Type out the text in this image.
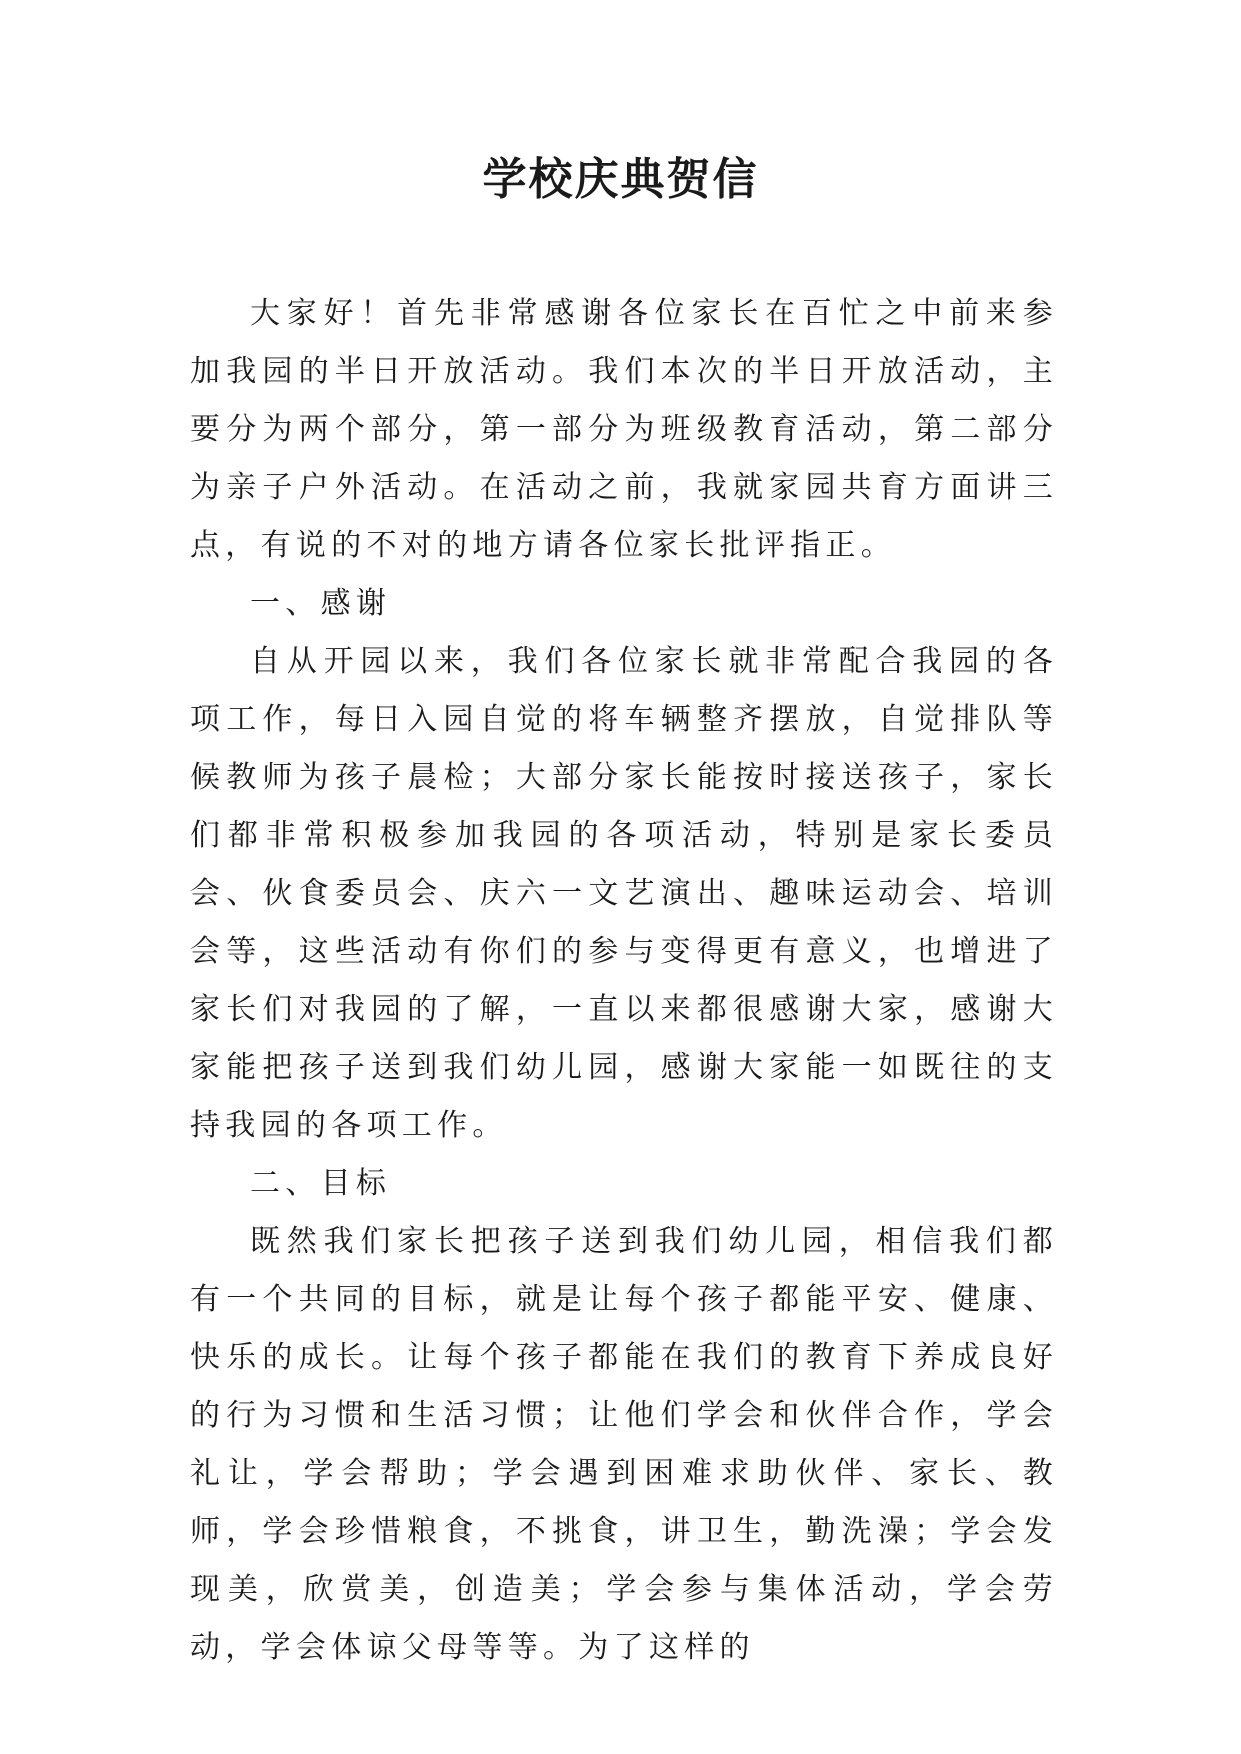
学校庆典贺信

大家好！首先非常感谢各位家长在百忙之中前来参加我园的半日开放活动。我们本次的半日开放活动，主要分为两个部分，第一部分为班级教育活动，第二部分为亲子户外活动。在活动之前，我就家园共育方面讲三点，有说的不对的地方请各位家长批评指正。

一、感谢

自从开园以来，我们各位家长就非常配合我园的各项工作，每日入园自觉的将车辆整齐摆放，自觉排队等候教师为孩子晨检；大部分家长能按时接送孩子，家长们都非常积极参加我园的各项活动，特别是家长委员会、伙食委员会、庆六一文艺演出、趣味运动会、培训会等，这些活动有你们的参与变得更有意义，也增进了家长们对我园的了解，一直以来都很感谢大家，感谢大家能把孩子送到我们幼儿园，感谢大家能一如既往的支持我园的各项工作。

二、目标

既然我们家长把孩子送到我们幼儿园，相信我们都有一个共同的目标，就是让每个孩子都能平安、健康、快乐的成长。让每个孩子都能在我们的教育下养成良好的行为习惯和生活习惯；让他们学会和伙伴合作，学会礼让，学会帮助；学会遇到困难求助伙伴、家长、教师，学会珍惜粮食，不挑食，讲卫生，勤洗澡；学会发现美，欣赏美，创造美；学会参与集体活动，学会劳动，学会体谅父母等等。为了这样的
